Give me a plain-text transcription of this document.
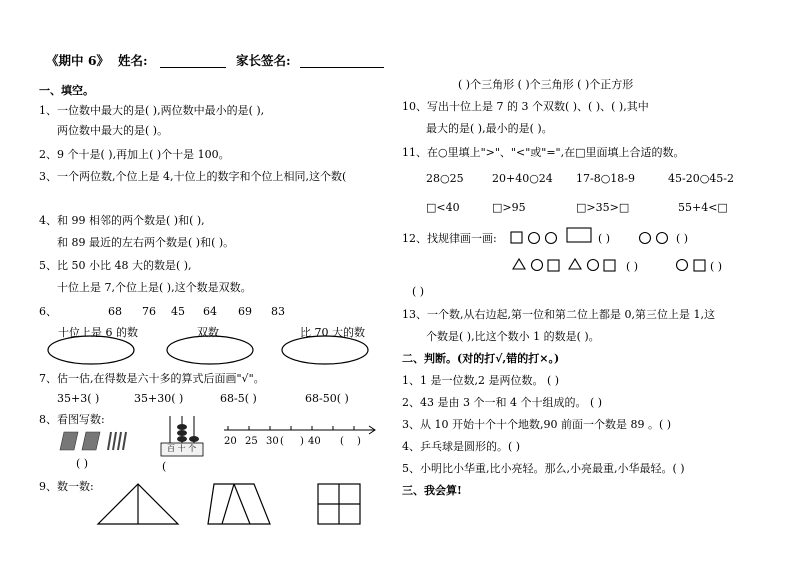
《期中 6》 姓名:	家长签名:
一、填空。
1、一位数中最大的是( ),两位数中最小的是( ),
两位数中最大的是( )。
2、9 个十是( ),再加上( )个十是 100。
3、一个两位数,个位上是 4,十位上的数字和个位上相同,这个数(
4、和 99 相邻的两个数是( )和( ),
和 89 最近的左右两个数是( )和( )。
5、比 50 小比 48 大的数是( ),
十位上是 7,个位上是( ),这个数是双数。
6、	68 76 45 64 69 83
十位上是 6 的数	双数	比 70 大的数
7、估一估,在得数是六十多的算式后面画"√"。
35+3( )	35+30( )	68-5( )	68-50( )
8、看图写数:
( )
百 十 个
(
20 25 30 ( ) 40 ( )
9、数一数:
( )个三角形 ( )个三角形 ( )个正方形
10、写出十位上是 7 的 3 个双数( )、( )、( ),其中
最大的是( ),最小的是( )。
11、在○里填上">"、"<"或"=",在□里面填上合适的数。
28○25	20+40○24 17-8○18-9	45-20○45-2
□<40	□>95	□>35>□	55+4<□
12、找规律画一画:	( )	( )
( )	( )
( )
13、一个数,从右边起,第一位和第二位上都是 0,第三位上是 1,这
个数是( ),比这个数小 1 的数是( )。
二、判断。(对的打√,错的打×。)
1、1 是一位数,2 是两位数。 ( )
2、43 是由 3 个一和 4 个十组成的。 ( )
3、从 10 开始十个十个地数,90 前面一个数是 89 。( )
4、乒乓球是圆形的。( )
5、小明比小华重,比小亮轻。那么,小亮最重,小华最轻。( )
三、我会算!
